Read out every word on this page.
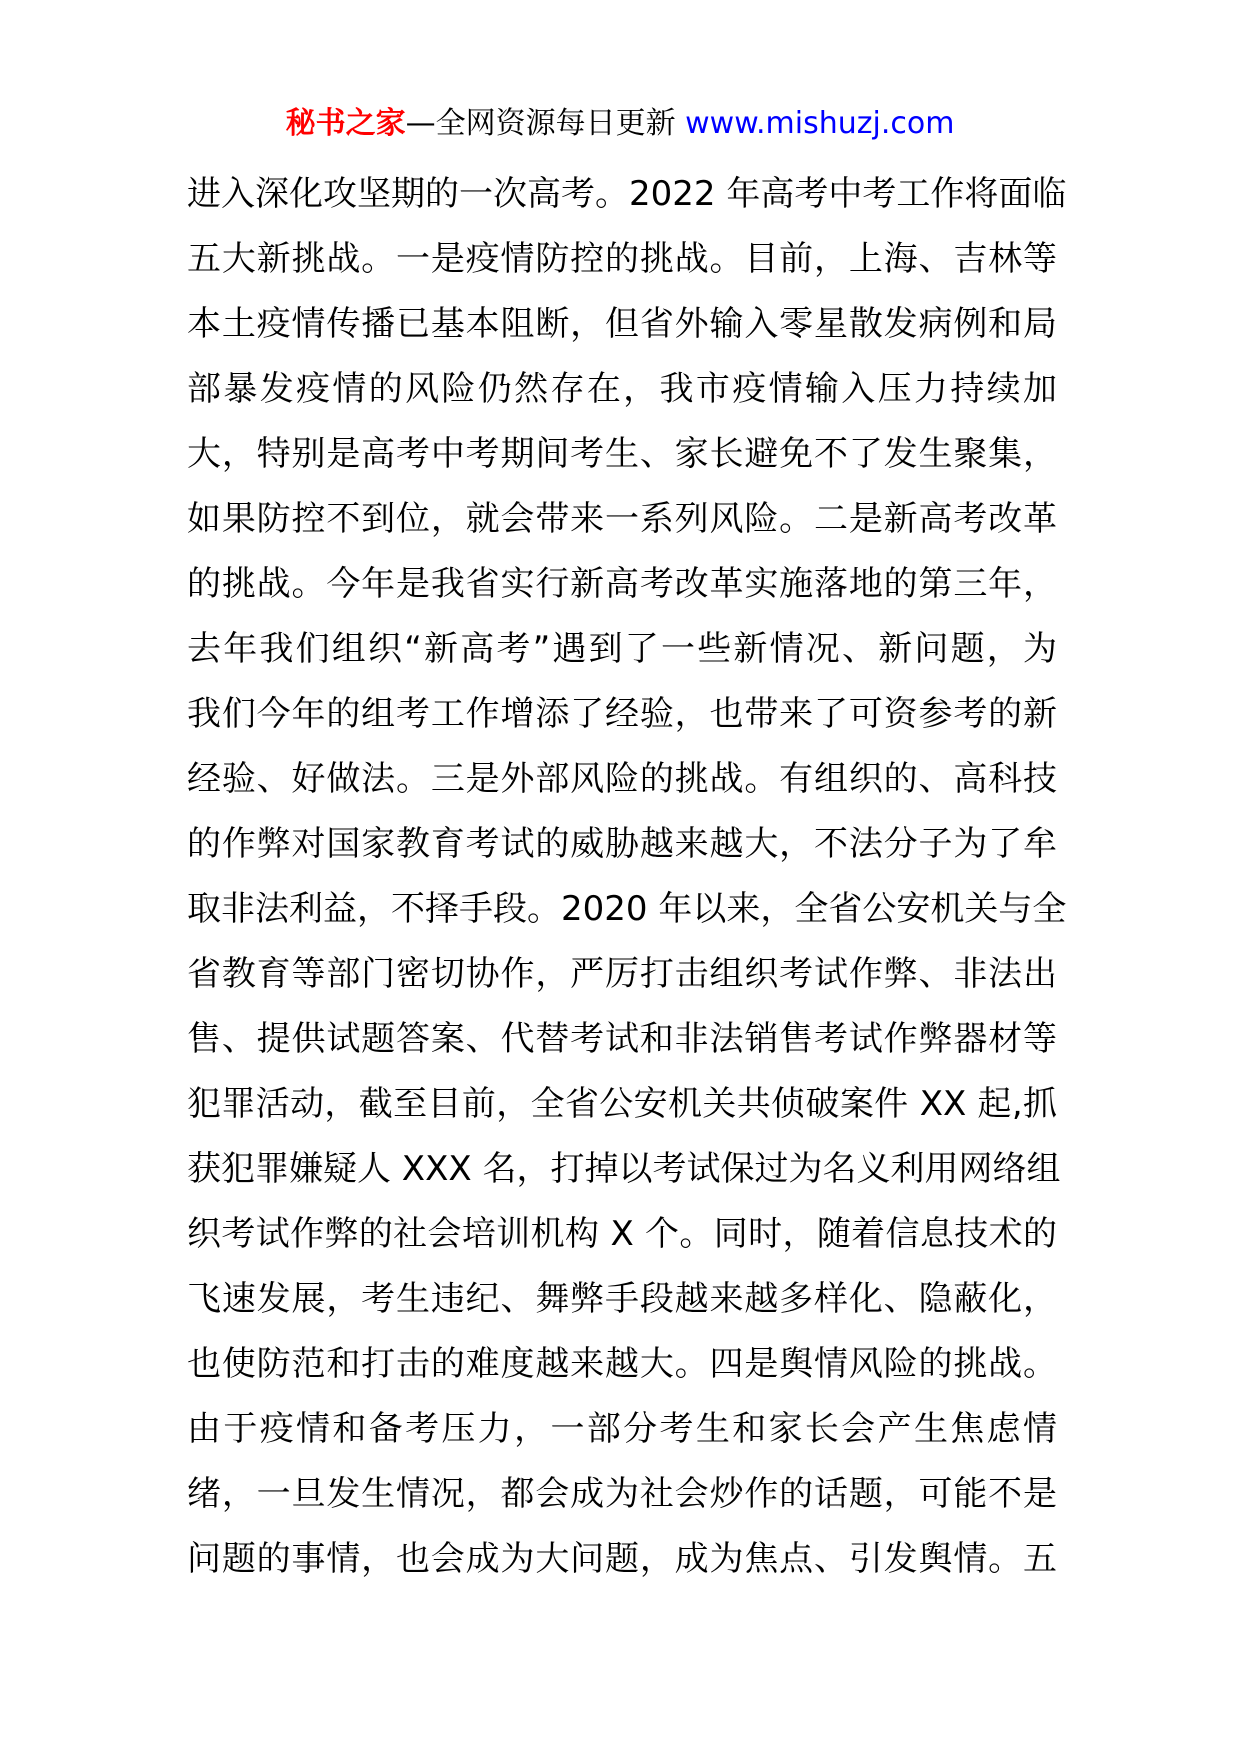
秘书之家—全网资源每日更新 www.mishuzj.com
进入深化攻坚期的一次高考。2022 年高考中考工作将面临
五大新挑战。一是疫情防控的挑战。目前，上海、吉林等
本土疫情传播已基本阻断，但省外输入零星散发病例和局
部暴发疫情的风险仍然存在，我市疫情输入压力持续加
大，特别是高考中考期间考生、家长避免不了发生聚集，
如果防控不到位，就会带来一系列风险。二是新高考改革
的挑战。今年是我省实行新高考改革实施落地的第三年，
去年我们组织“新高考”遇到了一些新情况、新问题，为
我们今年的组考工作增添了经验，也带来了可资参考的新
经验、好做法。三是外部风险的挑战。有组织的、高科技
的作弊对国家教育考试的威胁越来越大，不法分子为了牟
取非法利益，不择手段。2020 年以来，全省公安机关与全
省教育等部门密切协作，严厉打击组织考试作弊、非法出
售、提供试题答案、代替考试和非法销售考试作弊器材等
犯罪活动，截至目前，全省公安机关共侦破案件 XX 起,抓
获犯罪嫌疑人 XXX 名，打掉以考试保过为名义利用网络组
织考试作弊的社会培训机构 X 个。同时，随着信息技术的
飞速发展，考生违纪、舞弊手段越来越多样化、隐蔽化，
也使防范和打击的难度越来越大。四是舆情风险的挑战。
由于疫情和备考压力，一部分考生和家长会产生焦虑情
绪，一旦发生情况，都会成为社会炒作的话题，可能不是
问题的事情，也会成为大问题，成为焦点、引发舆情。五
